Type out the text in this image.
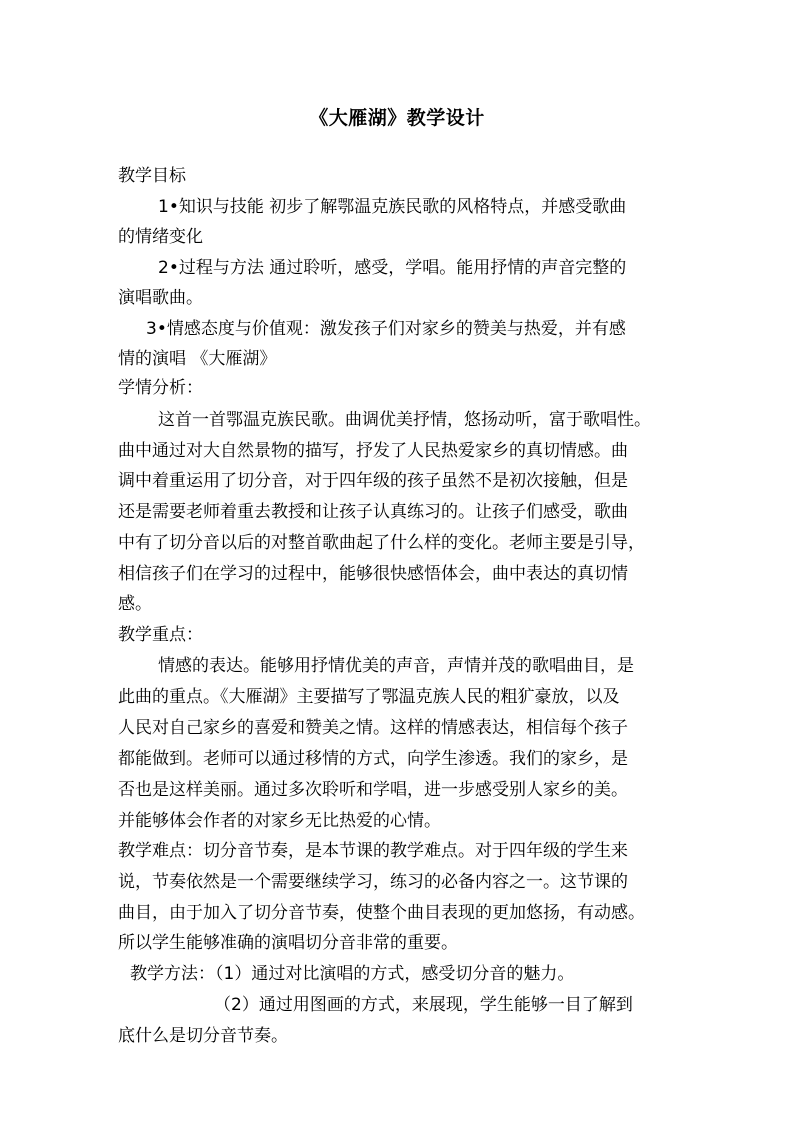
《大雁湖》教学设计
教学目标
1•知识与技能 初步了解鄂温克族民歌的风格特点，并感受歌曲
的情绪变化
2•过程与方法 通过聆听，感受，学唱。能用抒情的声音完整的
演唱歌曲。
3•情感态度与价值观：激发孩子们对家乡的赞美与热爱，并有感
情的演唱 《大雁湖》
学情分析：
这首一首鄂温克族民歌。曲调优美抒情，悠扬动听，富于歌唱性。
曲中通过对大自然景物的描写，抒发了人民热爱家乡的真切情感。曲
调中着重运用了切分音，对于四年级的孩子虽然不是初次接触，但是
还是需要老师着重去教授和让孩子认真练习的。让孩子们感受，歌曲
中有了切分音以后的对整首歌曲起了什么样的变化。老师主要是引导，
相信孩子们在学习的过程中，能够很快感悟体会，曲中表达的真切情
感。
教学重点：
情感的表达。能够用抒情优美的声音，声情并茂的歌唱曲目，是
此曲的重点。《大雁湖》主要描写了鄂温克族人民的粗犷豪放，以及
人民对自己家乡的喜爱和赞美之情。这样的情感表达，相信每个孩子
都能做到。老师可以通过移情的方式，向学生渗透。我们的家乡，是
否也是这样美丽。通过多次聆听和学唱，进一步感受别人家乡的美。
并能够体会作者的对家乡无比热爱的心情。
教学难点：切分音节奏，是本节课的教学难点。对于四年级的学生来
说，节奏依然是一个需要继续学习，练习的必备内容之一。这节课的
曲目，由于加入了切分音节奏，使整个曲目表现的更加悠扬，有动感。
所以学生能够准确的演唱切分音非常的重要。
教学方法：（1）通过对比演唱的方式，感受切分音的魅力。
（2）通过用图画的方式，来展现，学生能够一目了解到
底什么是切分音节奏。
